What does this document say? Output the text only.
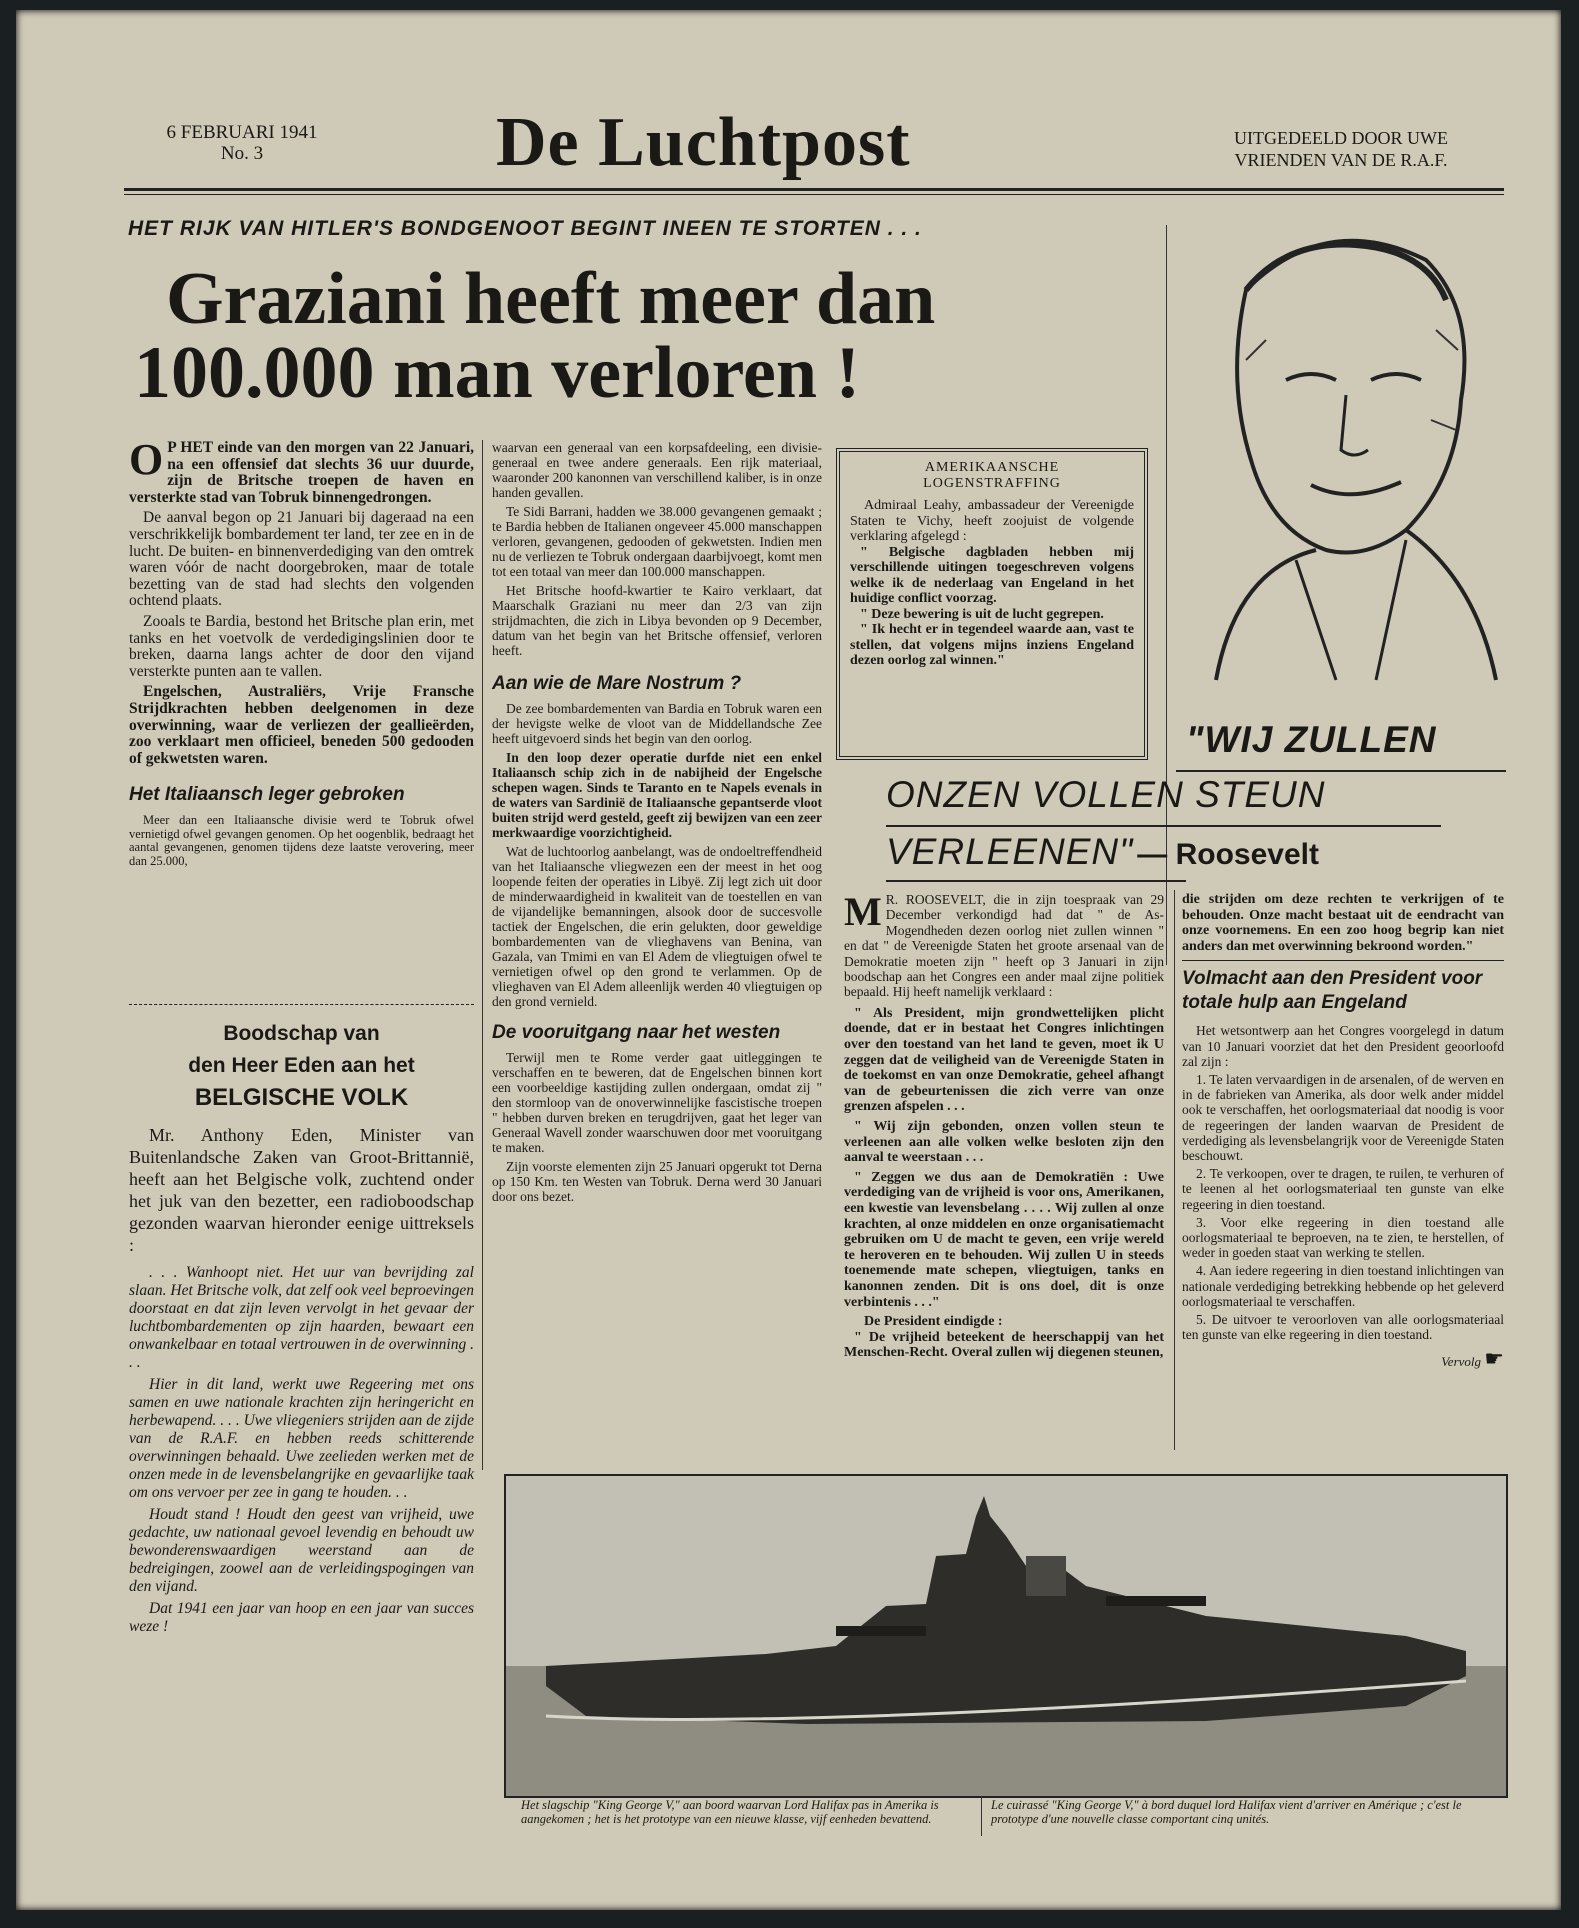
6 FEBRUARI 1941
No. 3	De Luchtpost	UITGEDEELD DOOR UWE
VRIENDEN VAN DE R.A.F.
HET RIJK VAN HITLER'S BONDGENOOT BEGINT INEEN TE STORTEN . . .
Graziani heeft meer dan
100.000 man verloren !

O P HET einde van den morgen van 22 Januari, na een offensief dat slechts 36 uur duurde, zijn de Britsche troepen de haven en versterkte stad van Tobruk binnengedrongen.

De aanval begon op 21 Januari bij dageraad na een verschrikkelijk bombardement ter land, ter zee en in de lucht. De buiten- en binnenverdediging van den omtrek waren vóór de nacht doorgebroken, maar de totale bezetting van de stad had slechts den volgenden ochtend plaats.

Zooals te Bardia, bestond het Britsche plan erin, met tanks en het voetvolk de verdedigingslinien door te breken, daarna langs achter de door den vijand versterkte punten aan te vallen.

Engelschen, Australiërs, Vrije Fransche Strijdkrachten hebben deelgenomen in deze overwinning, waar de verliezen der geallieërden, zoo verklaart men officieel, beneden 500 gedooden of gekwetsten waren.

Het Italiaansch leger gebroken

Meer dan een Italiaansche divisie werd te Tobruk ofwel vernietigd ofwel gevangen genomen. Op het oogenblik, bedraagt het aantal gevangenen, genomen tijdens deze laatste verovering, meer dan 25.000,

waarvan een generaal van een korpsafdeeling, een divisie-generaal en twee andere generaals. Een rijk materiaal, waaronder 200 kanonnen van verschillend kaliber, is in onze handen gevallen.

Te Sidi Barrani, hadden we 38.000 gevangenen gemaakt ; te Bardia hebben de Italianen ongeveer 45.000 manschappen verloren, gevangenen, gedooden of gekwetsten. Indien men nu de verliezen te Tobruk ondergaan daarbijvoegt, komt men tot een totaal van meer dan 100.000 manschappen.

Het Britsche hoofd-kwartier te Kairo verklaart, dat Maarschalk Graziani nu meer dan 2/3 van zijn strijdmachten, die zich in Libya bevonden op 9 December, datum van het begin van het Britsche offensief, verloren heeft.

Aan wie de Mare Nostrum ?

De zee bombardementen van Bardia en Tobruk waren een der hevigste welke de vloot van de Middellandsche Zee heeft uitgevoerd sinds het begin van den oorlog.

In den loop dezer operatie durfde niet een enkel Italiaansch schip zich in de nabijheid der Engelsche schepen wagen. Sinds te Taranto en te Napels evenals in de waters van Sardinië de Italiaansche gepantserde vloot buiten strijd werd gesteld, geeft zij bewijzen van een zeer merkwaardige voorzichtigheid.

Wat de luchtoorlog aanbelangt, was de ondoeltreffendheid van het Italiaansche vliegwezen een der meest in het oog loopende feiten der operaties in Libyë. Zij legt zich uit door de minderwaardigheid in kwaliteit van de toestellen en van de vijandelijke bemanningen, alsook door de succesvolle tactiek der Engelschen, die erin gelukten, door geweldige bombardementen van de vlieghavens van Benina, van Gazala, van Tmimi en van El Adem de vliegtuigen ofwel te vernietigen ofwel op den grond te verlammen. Op de vlieghaven van El Adem alleenlijk werden 40 vliegtuigen op den grond vernield.

De vooruitgang naar het westen

Terwijl men te Rome verder gaat uitleggingen te verschaffen en te beweren, dat de Engelschen binnen kort een voorbeeldige kastijding zullen ondergaan, omdat zij " den stormloop van de onoverwinnelijke fascistische troepen " hebben durven breken en terugdrijven, gaat het leger van Generaal Wavell zonder waarschuwen door met vooruitgang te maken.

Zijn voorste elementen zijn 25 Januari opgerukt tot Derna op 150 Km. ten Westen van Tobruk. Derna werd 30 Januari door ons bezet.

AMERIKAANSCHE
LOGENSTRAFFING

Admiraal Leahy, ambassadeur der Vereenigde Staten te Vichy, heeft zoojuist de volgende verklaring afgelegd :

" Belgische dagbladen hebben mij verschillende uitingen toegeschreven volgens welke ik de nederlaag van Engeland in het huidige conflict voorzag.

" Deze bewering is uit de lucht gegrepen.

" Ik hecht er in tegendeel waarde aan, vast te stellen, dat volgens mijns inziens Engeland dezen oorlog zal winnen."

Boodschap van
den Heer Eden aan het
BELGISCHE VOLK

Mr. Anthony Eden, Minister van Buitenlandsche Zaken van Groot-Brittannië, heeft aan het Belgische volk, zuchtend onder het juk van den bezetter, een radioboodschap gezonden waarvan hieronder eenige uittreksels :

. . . Wanhoopt niet. Het uur van bevrijding zal slaan. Het Britsche volk, dat zelf ook veel beproevingen doorstaat en dat zijn leven vervolgt in het gevaar der luchtbombardementen op zijn haarden, bewaart een onwankelbaar en totaal vertrouwen in de overwinning . . .

Hier in dit land, werkt uwe Regeering met ons samen en uwe nationale krachten zijn heringericht en herbewapend. . . . Uwe vliegeniers strijden aan de zijde van de R.A.F. en hebben reeds schitterende overwinningen behaald. Uwe zeelieden werken met de onzen mede in de levensbelangrijke en gevaarlijke taak om ons vervoer per zee in gang te houden. . .

Houdt stand ! Houdt den geest van vrijheid, uwe gedachte, uw nationaal gevoel levendig en behoudt uw bewonderenswaardigen weerstand aan de bedreigingen, zoowel aan de verleidingspogingen van den vijand.

Dat 1941 een jaar van hoop en een jaar van succes weze !

"WIJ ZULLEN
ONZEN VOLLEN STEUN
VERLEENEN" — Roosevelt

M R. ROOSEVELT, die in zijn toespraak van 29 December verkondigd had dat " de As-Mogendheden dezen oorlog niet zullen winnen " en dat " de Vereenigde Staten het groote arsenaal van de Demokratie moeten zijn " heeft op 3 Januari in zijn boodschap aan het Congres een ander maal zijne politiek bepaald. Hij heeft namelijk verklaard :

" Als President, mijn grondwettelijken plicht doende, dat er in bestaat het Congres inlichtingen over den toestand van het land te geven, moet ik U zeggen dat de veiligheid van de Vereenigde Staten in de toekomst en van onze Demokratie, geheel afhangt van de gebeurtenissen die zich verre van onze grenzen afspelen . . .

" Wij zijn gebonden, onzen vollen steun te verleenen aan alle volken welke besloten zijn den aanval te weerstaan . . .

" Zeggen we dus aan de Demokratiën : Uwe verdediging van de vrijheid is voor ons, Amerikanen, een kwestie van levensbelang . . . . Wij zullen al onze krachten, al onze middelen en onze organisatiemacht gebruiken om U de macht te geven, een vrije wereld te heroveren en te behouden. Wij zullen U in steeds toenemende mate schepen, vliegtuigen, tanks en kanonnen zenden. Dit is ons doel, dit is onze verbintenis . . ."

De President eindigde :

" De vrijheid beteekent de heerschappij van het Menschen-Recht. Overal zullen wij diegenen steunen,

die strijden om deze rechten te verkrijgen of te behouden. Onze macht bestaat uit de eendracht van onze voornemens. En een zoo hoog begrip kan niet anders dan met overwinning bekroond worden."

Volmacht aan den President voor totale hulp aan Engeland

Het wetsontwerp aan het Congres voorgelegd in datum van 10 Januari voorziet dat het den President geoorloofd zal zijn :

1. Te laten vervaardigen in de arsenalen, of de werven en in de fabrieken van Amerika, als door welk ander middel ook te verschaffen, het oorlogsmateriaal dat noodig is voor de regeeringen der landen waarvan de President de verdediging als levensbelangrijk voor de Vereenigde Staten beschouwt.

2. Te verkoopen, over te dragen, te ruilen, te verhuren of te leenen al het oorlogsmateriaal ten gunste van elke regeering in dien toestand.

3. Voor elke regeering in dien toestand alle oorlogsmateriaal te beproeven, na te zien, te herstellen, of weder in goeden staat van werking te stellen.

4. Aan iedere regeering in dien toestand inlichtingen van nationale verdediging betrekking hebbende op het geleverd oorlogsmateriaal te verschaffen.

5. De uitvoer te veroorloven van alle oorlogsmateriaal ten gunste van elke regeering in dien toestand.

Vervolg ☛
Het slagschip "King George V," aan boord waarvan Lord Halifax pas in Amerika is aangekomen ; het is het prototype van een nieuwe klasse, vijf eenheden bevattend.
Le cuirassé "King George V," à bord duquel lord Halifax vient d'arriver en Amérique ; c'est le prototype d'une nouvelle classe comportant cinq unités.
